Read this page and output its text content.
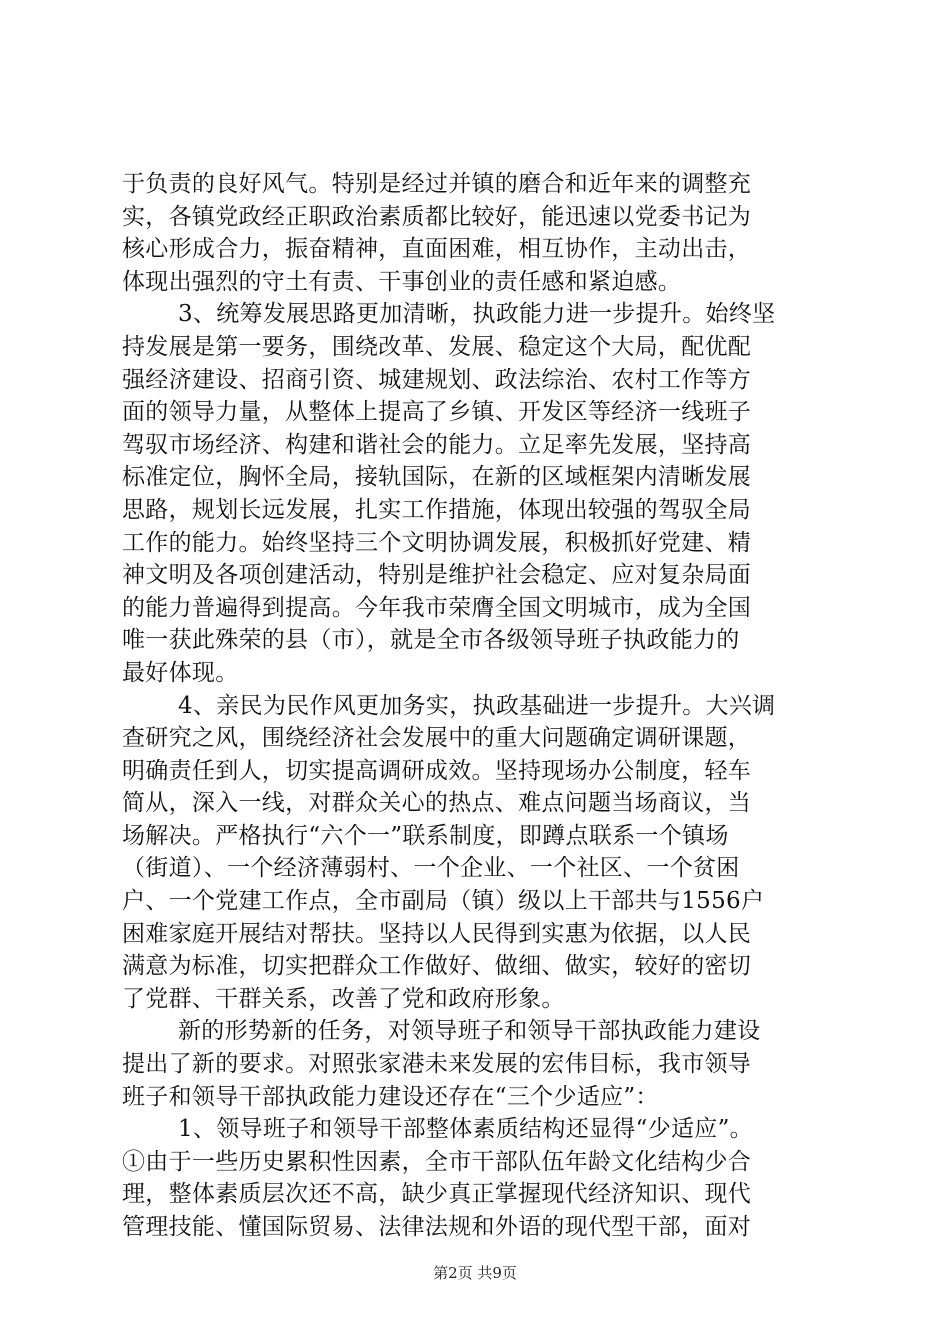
于负责的良好风气。特别是经过并镇的磨合和近年来的调整充
实，各镇党政经正职政治素质都比较好，能迅速以党委书记为
核心形成合力，振奋精神，直面困难，相互协作，主动出击，
体现出强烈的守土有责、干事创业的责任感和紧迫感。
3、统筹发展思路更加清晰，执政能力进一步提升。始终坚
持发展是第一要务，围绕改革、发展、稳定这个大局，配优配
强经济建设、招商引资、城建规划、政法综治、农村工作等方
面的领导力量，从整体上提高了乡镇、开发区等经济一线班子
驾驭市场经济、构建和谐社会的能力。立足率先发展，坚持高
标准定位，胸怀全局，接轨国际，在新的区域框架内清晰发展
思路，规划长远发展，扎实工作措施，体现出较强的驾驭全局
工作的能力。始终坚持三个文明协调发展，积极抓好党建、精
神文明及各项创建活动，特别是维护社会稳定、应对复杂局面
的能力普遍得到提高。今年我市荣膺全国文明城市，成为全国
唯一获此殊荣的县（市），就是全市各级领导班子执政能力的
最好体现。
4、亲民为民作风更加务实，执政基础进一步提升。大兴调
查研究之风，围绕经济社会发展中的重大问题确定调研课题，
明确责任到人，切实提高调研成效。坚持现场办公制度，轻车
简从，深入一线，对群众关心的热点、难点问题当场商议，当
场解决。严格执行“六个一”联系制度，即蹲点联系一个镇场
（街道）、一个经济薄弱村、一个企业、一个社区、一个贫困
户、一个党建工作点，全市副局（镇）级以上干部共与1556户
困难家庭开展结对帮扶。坚持以人民得到实惠为依据，以人民
满意为标准，切实把群众工作做好、做细、做实，较好的密切
了党群、干群关系，改善了党和政府形象。
新的形势新的任务，对领导班子和领导干部执政能力建设
提出了新的要求。对照张家港未来发展的宏伟目标，我市领导
班子和领导干部执政能力建设还存在“三个少适应”：
1、领导班子和领导干部整体素质结构还显得“少适应”。
①由于一些历史累积性因素，全市干部队伍年龄文化结构少合
理，整体素质层次还不高，缺少真正掌握现代经济知识、现代
管理技能、懂国际贸易、法律法规和外语的现代型干部，面对
第2页 共9页
